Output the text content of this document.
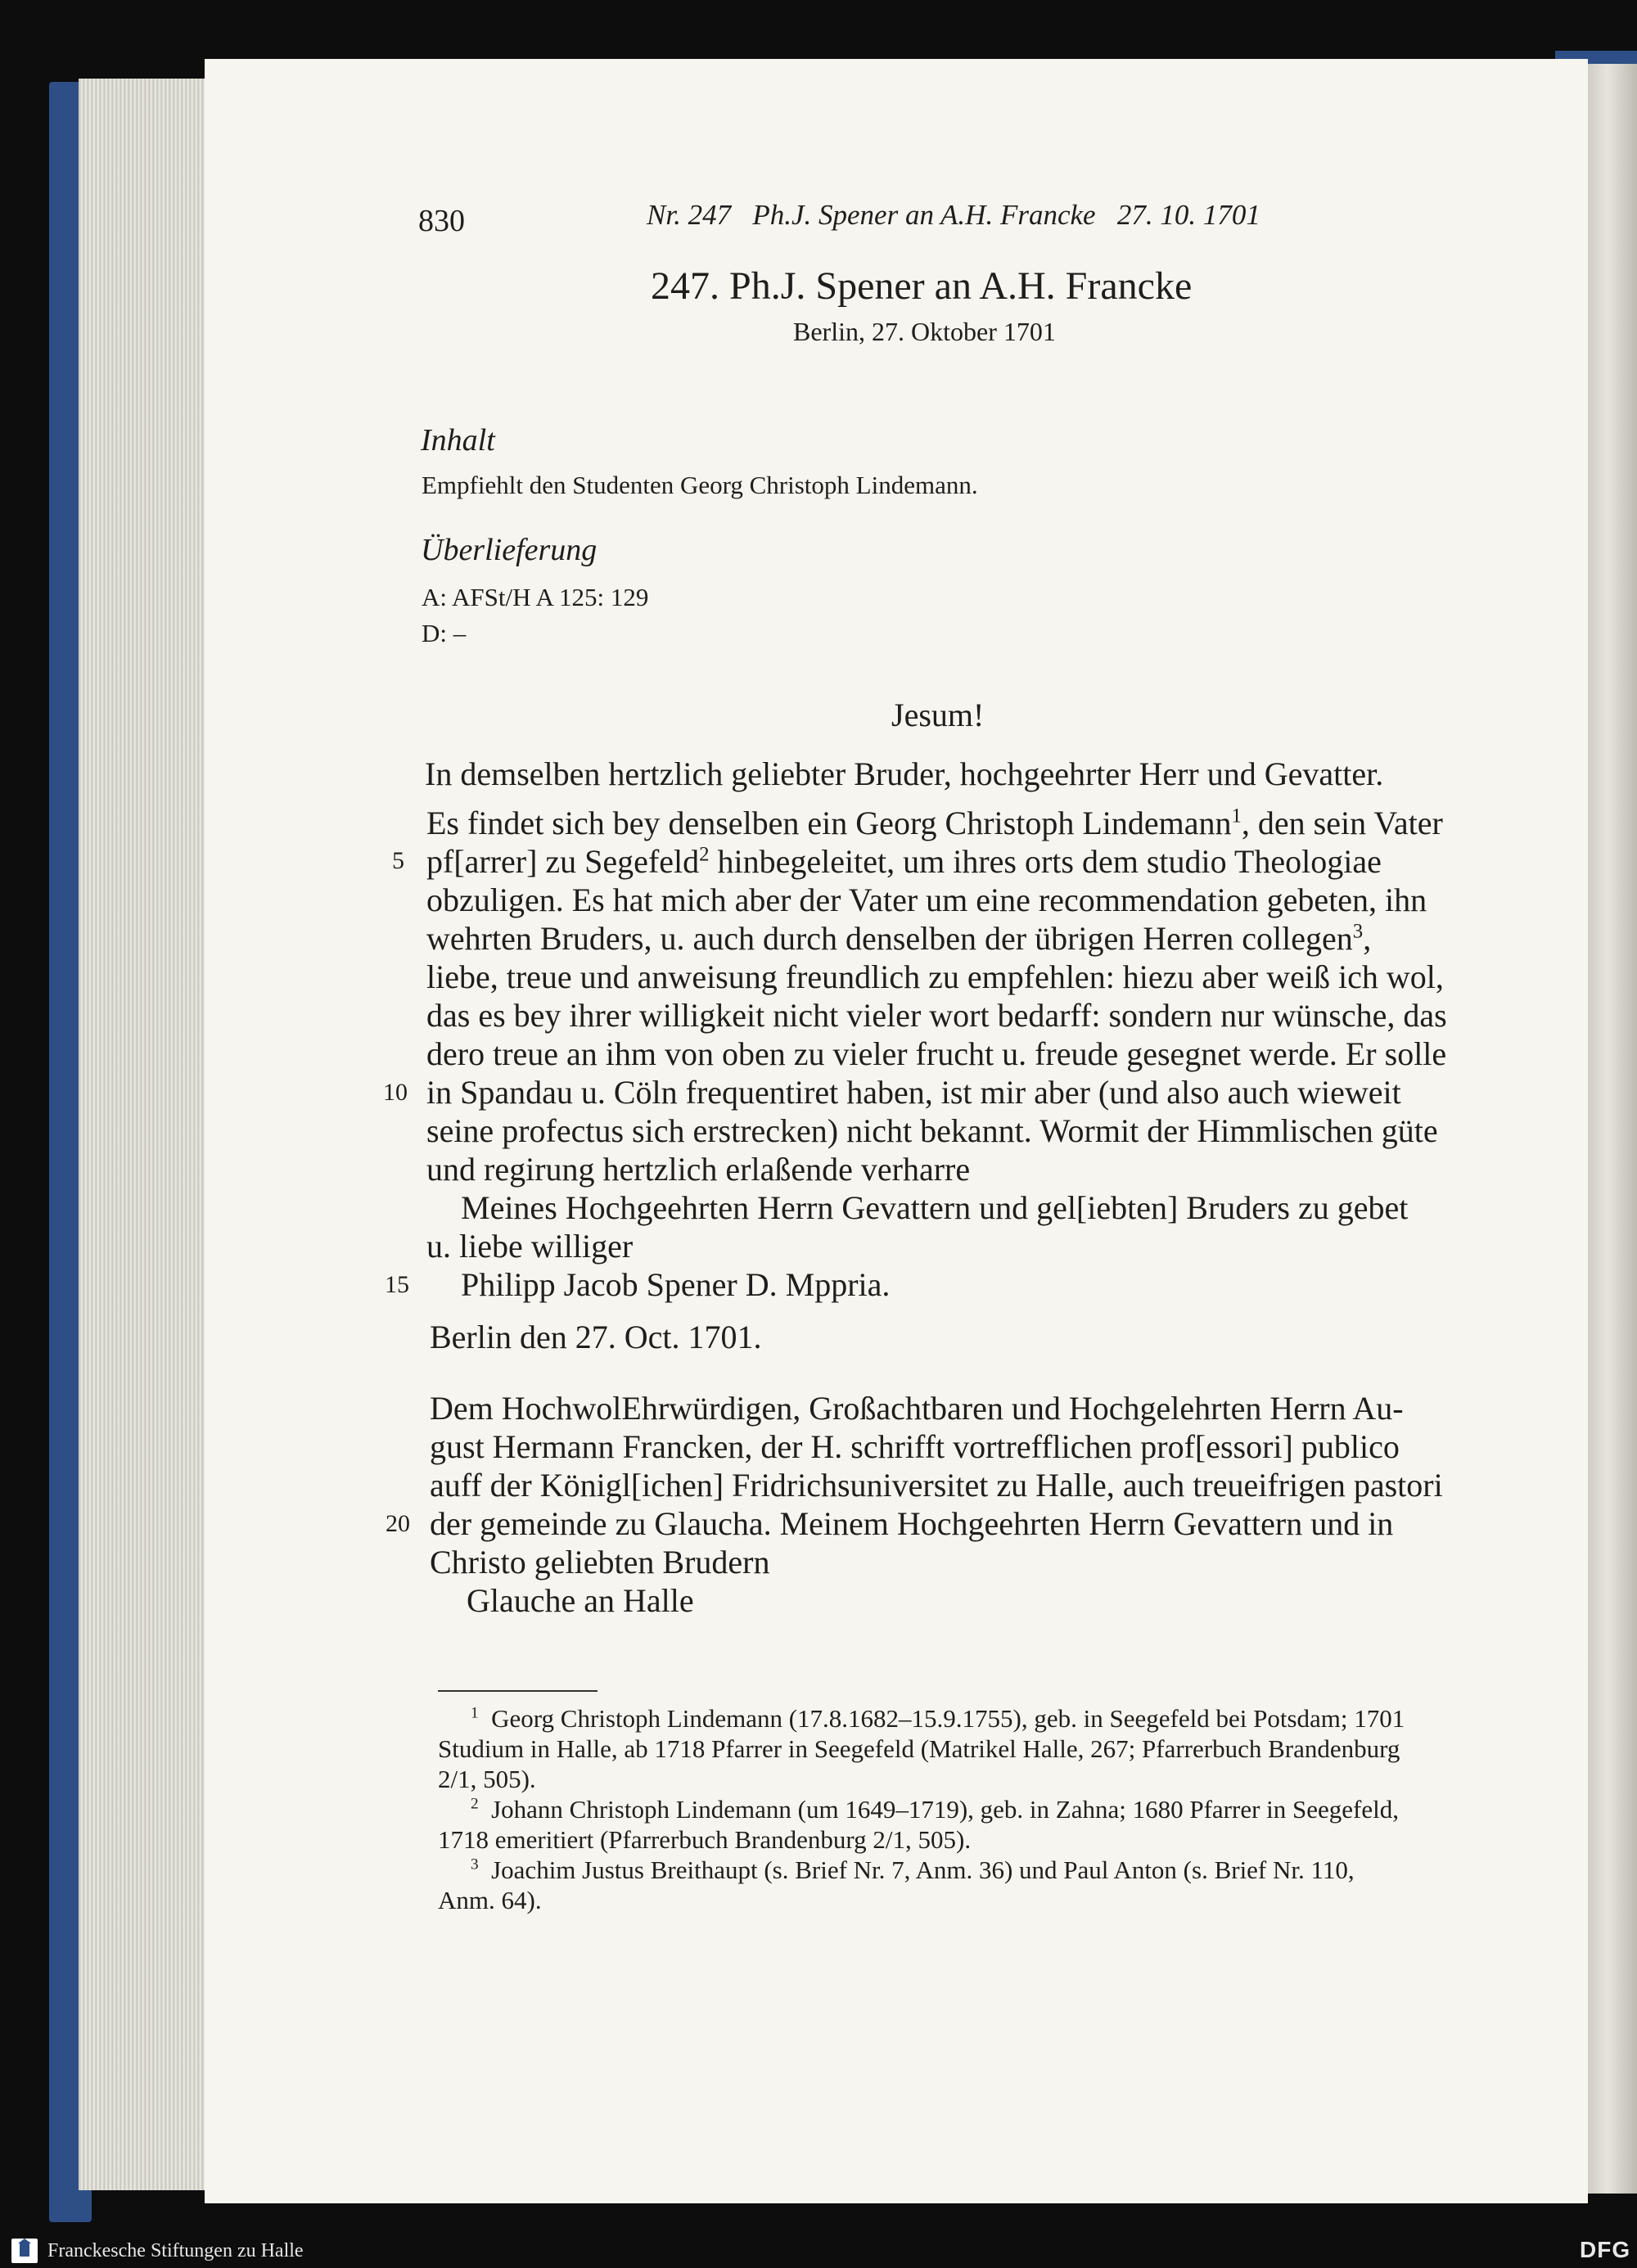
830	Nr. 247   Ph.J. Spener an A.H. Francke   27. 10. 1701
247. Ph.J. Spener an A.H. Francke
Berlin, 27. Oktober 1701
Inhalt
Empfiehlt den Studenten Georg Christoph Lindemann.
Überlieferung
A: AFSt/H A 125: 129
D: –
Jesum!
In demselben hertzlich geliebter Bruder, hochgeehrter Herr und Gevatter.
Es findet sich bey denselben ein Georg Christoph Lindemann$^1$, den sein Vater
pf[arrer] zu Segefeld$^2$ hinbegeleitet, um ihres orts dem studio Theologiae
obzuligen. Es hat mich aber der Vater um eine recommendation gebeten, ihn
wehrten Bruders, u. auch durch denselben der übrigen Herren collegen$^3$,
liebe, treue und anweisung freundlich zu empfehlen: hiezu aber weiß ich wol,
das es bey ihrer willigkeit nicht vieler wort bedarff: sondern nur wünsche, das
dero treue an ihm von oben zu vieler frucht u. freude gesegnet werde. Er solle
in Spandau u. Cöln frequentiret haben, ist mir aber (und also auch wieweit
seine profectus sich erstrecken) nicht bekannt. Wormit der Himmlischen güte
und regirung hertzlich erlaßende verharre
Meines Hochgeehrten Herrn Gevattern und gel[iebten] Bruders zu gebet
u. liebe williger
Philipp Jacob Spener D. Mppria.
Berlin den 27. Oct. 1701.
Dem HochwolEhrwürdigen, Großachtbaren und Hochgelehrten Herrn Au-
gust Hermann Francken, der H. schrifft vortrefflichen prof[essori] publico
auff der Königl[ichen] Fridrichsuniversitet zu Halle, auch treueifrigen pastori
der gemeinde zu Glaucha. Meinem Hochgeehrten Herrn Gevattern und in
Christo geliebten Brudern
Glauche an Halle
5
10
15
20
$^1$ Georg Christoph Lindemann (17.8.1682–15.9.1755), geb. in Seegefeld bei Potsdam; 1701
Studium in Halle, ab 1718 Pfarrer in Seegefeld (Matrikel Halle, 267; Pfarrerbuch Brandenburg
2/1, 505).
$^2$ Johann Christoph Lindemann (um 1649–1719), geb. in Zahna; 1680 Pfarrer in Seegefeld,
1718 emeritiert (Pfarrerbuch Brandenburg 2/1, 505).
$^3$ Joachim Justus Breithaupt (s. Brief Nr. 7, Anm. 36) und Paul Anton (s. Brief Nr. 110,
Anm. 64).
Franckesche Stiftungen zu Halle	DFG
